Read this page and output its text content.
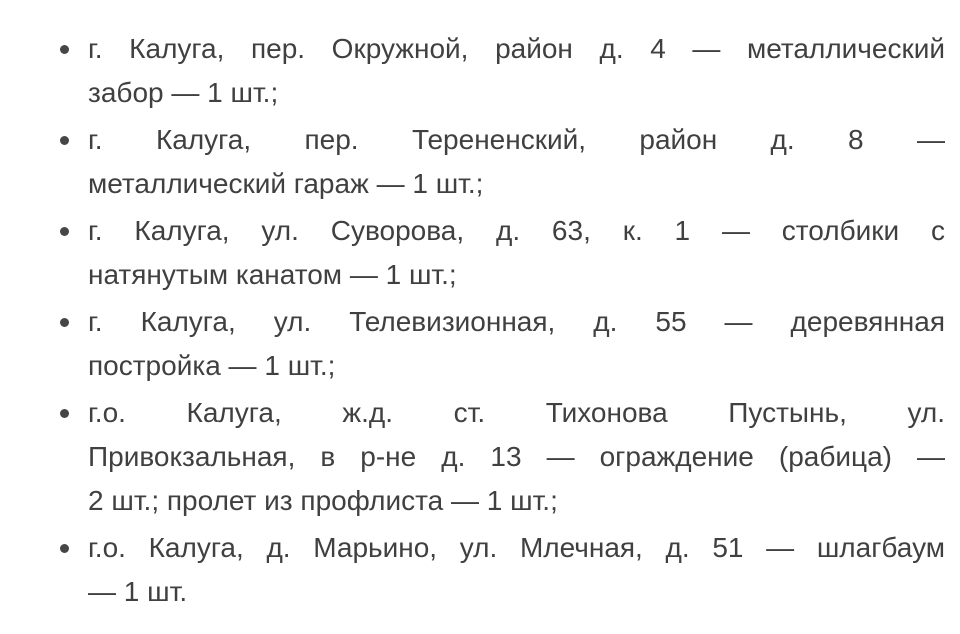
г. Калуга, пер. Окружной, район д. 4 — металлический
забор — 1 шт.;
г. Калуга, пер. Терененский, район д. 8 —
металлический гараж — 1 шт.;
г. Калуга, ул. Суворова, д. 63, к. 1 — столбики с
натянутым канатом — 1 шт.;
г. Калуга, ул. Телевизионная, д. 55 — деревянная
постройка — 1 шт.;
г.о. Калуга, ж.д. ст. Тихонова Пустынь, ул.
Привокзальная, в р-не д. 13 — ограждение (рабица) —
2 шт.; пролет из профлиста — 1 шт.;
г.о. Калуга, д. Марьино, ул. Млечная, д. 51 — шлагбаум
— 1 шт.
